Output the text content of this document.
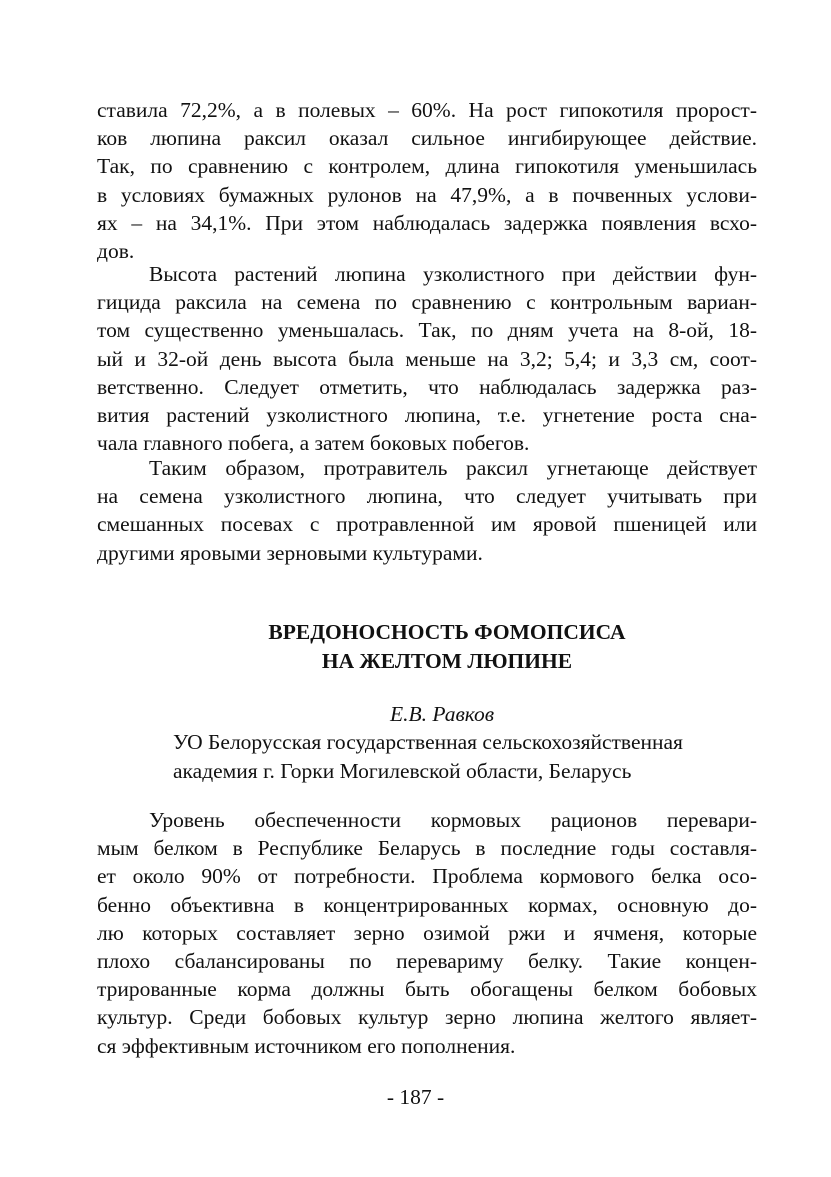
ставила 72,2%, а в полевых – 60%. На рост гипокотиля пророст-
ков люпина раксил оказал сильное ингибирующее действие.
Так, по сравнению с контролем, длина гипокотиля уменьшилась
в условиях бумажных рулонов на 47,9%, а в почвенных услови-
ях – на 34,1%. При этом наблюдалась задержка появления всхо-
дов.
Высота растений люпина узколистного при действии фун-
гицида раксила на семена по сравнению с контрольным вариан-
том существенно уменьшалась. Так, по дням учета на 8-ой, 18-
ый и 32-ой день высота была меньше на 3,2; 5,4; и 3,3 см, соот-
ветственно. Следует отметить, что наблюдалась задержка раз-
вития растений узколистного люпина, т.е. угнетение роста сна-
чала главного побега, а затем боковых побегов.
Таким образом, протравитель раксил угнетающе действует
на семена узколистного люпина, что следует учитывать при
смешанных посевах с протравленной им яровой пшеницей или
другими яровыми зерновыми культурами.
ВРЕДОНОСНОСТЬ ФОМОПСИСА
НА ЖЕЛТОМ ЛЮПИНЕ
Е.В. Равков
УО Белорусская государственная сельскохозяйственная
академия г. Горки Могилевской области, Беларусь
Уровень обеспеченности кормовых рационов перевари-
мым белком в Республике Беларусь в последние годы составля-
ет около 90% от потребности. Проблема кормового белка осо-
бенно объективна в концентрированных кормах, основную до-
лю которых составляет зерно озимой ржи и ячменя, которые
плохо сбалансированы по перевариму белку. Такие концен-
трированные корма должны быть обогащены белком бобовых
культур. Среди бобовых культур зерно люпина желтого являет-
ся эффективным источником его пополнения.
- 187 -
